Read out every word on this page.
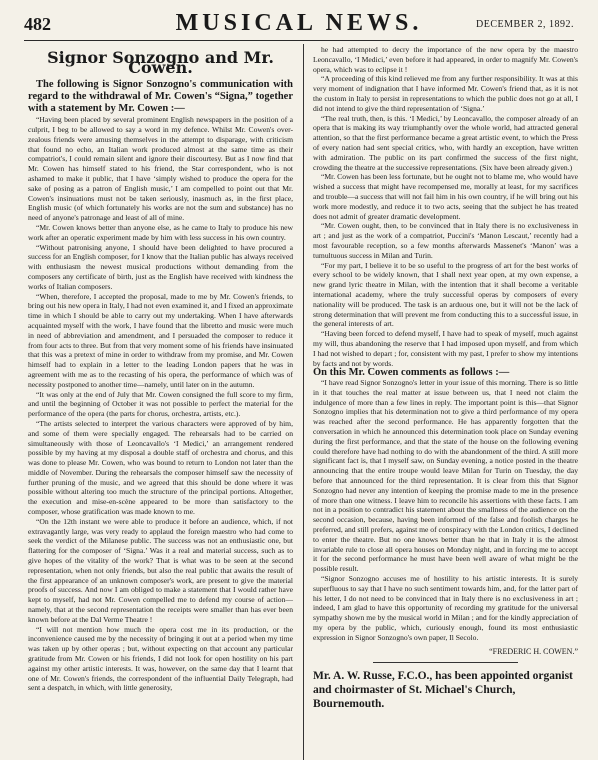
482	MUSICAL NEWS.	DECEMBER 2, 1892.
Signor Sonzogno and Mr. Cowen.

The following is Signor Sonzogno's communication with regard to the withdrawal of Mr. Cowen's “Signa,” together with a statement by Mr. Cowen :—

“Having been placed by several prominent English newspapers in the position of a culprit, I beg to be allowed to say a word in my defence. Whilst Mr. Cowen's over-zealous friends were amusing themselves in the attempt to disparage, with criticism that found no echo, an Italian work produced almost at the same time as their compatriot's, I could remain silent and ignore their discourtesy. But as I now find that Mr. Cowen has himself stated to his friend, the Star correspondent, who is not ashamed to make it public, that I have ‘simply wished to produce the opera for the sake of posing as a patron of English music,’ I am compelled to point out that Mr. Cowen's insinuations must not be taken seriously, inasmuch as, in the first place, English music (of which fortunately his works are not the sum and substance) has no need of anyone's patronage and least of all of mine.

“Mr. Cowen knows better than anyone else, as he came to Italy to produce his new work after an operatic experiment made by him with less success in his own country.

“Without patronising anyone, I should have been delighted to have procured a success for an English composer, for I know that the Italian public has always received with enthusiasm the newest musical productions without demanding from the composers any certificate of birth, just as the English have received with kindness the works of Italian composers.

“When, therefore, I accepted the proposal, made to me by Mr. Cowen's friends, to bring out his new opera in Italy, I had not even examined it, and I fixed an approximate time in which I should be able to carry out my undertaking. When I have afterwards acquainted myself with the work, I have found that the libretto and music were much in need of abbreviation and amendment, and I persuaded the composer to reduce it from four acts to three. But from that very moment some of his friends have insinuated that this was a pretext of mine in order to withdraw from my promise, and Mr. Cowen himself had to explain in a letter to the leading London papers that he was in agreement with me as to the recasting of his opera, the performance of which was of necessity postponed to another time—namely, until later on in the autumn.

“It was only at the end of July that Mr. Cowen consigned the full score to my firm, and until the beginning of October it was not possible to perfect the material for the performance of the opera (the parts for chorus, orchestra, artists, etc.).

“The artists selected to interpret the various characters were approved of by him, and some of them were specially engaged. The rehearsals had to be carried on simultaneously with those of Leoncavallo's ‘I Medici,’ an arrangement rendered possible by my having at my disposal a double staff of orchestra and chorus, and this was done to please Mr. Cowen, who was bound to return to London not later than the middle of November. During the rehearsals the composer himself saw the necessity of further pruning of the music, and we agreed that this should be done where it was possible without altering too much the structure of the principal portions. Altogether, the execution and mise-en-scène appeared to be more than satisfactory to the composer, whose gratification was made known to me.

“On the 12th instant we were able to produce it before an audience, which, if not extravagantly large, was very ready to applaud the foreign maestro who had come to seek the verdict of the Milanese public. The success was not an enthusiastic one, but flattering for the composer of ‘Signa.’ Was it a real and material success, such as to give hopes of the vitality of the work? That is what was to be seen at the second representation, when not only friends, but also the real public that awaits the result of the first appearance of an unknown composer's work, are present to give the material proofs of success. And now I am obliged to make a statement that I would rather have kept to myself, had not Mr. Cowen compelled me to defend my course of action—namely, that at the second representation the receipts were smaller than has ever been known before at the Dal Verme Theatre !

“I will not mention how much the opera cost me in its production, or the inconvenience caused me by the necessity of bringing it out at a period when my time was taken up by other operas ; but, without expecting on that account any particular gratitude from Mr. Cowen or his friends, I did not look for open hostility on his part against my other artistic interests. It was, however, on the same day that I learnt that one of Mr. Cowen's friends, the correspondent of the influential Daily Telegraph, had sent a despatch, in which, with little generosity,

he had attempted to decry the importance of the new opera by the maestro Leoncavallo, ‘I Medici,’ even before it had appeared, in order to magnify Mr. Cowen's opera, which was to eclipse it !

“A proceeding of this kind relieved me from any further responsibility. It was at this very moment of indignation that I have informed Mr. Cowen's friend that, as it is not the custom in Italy to persist in representations to which the public does not go at all, I did not intend to give the third representation of ‘Signa.’

“The real truth, then, is this. ‘I Medici,’ by Leoncavallo, the composer already of an opera that is making its way triumphantly over the whole world, had attracted general attention, so that the first performance became a great artistic event, to which the Press of every nation had sent special critics, who, with hardly an exception, have written with admiration. The public on its part confirmed the success of the first night, crowding the theatre at the successive representations. (Six have been already given.)

“Mr. Cowen has been less fortunate, but he ought not to blame me, who would have wished a success that might have recompensed me, morally at least, for my sacrifices and trouble—a success that will not fail him in his own country, if he will bring out his work more modestly, and reduce it to two acts, seeing that the subject he has treated does not admit of greater dramatic development.

“Mr. Cowen ought, then, to be convinced that in Italy there is no exclusiveness in art ; and just as the work of a compatriot, Puccini's ‘Manon Lescaut,’ recently had a most favourable reception, so a few months afterwards Massenet's ‘Manon’ was a tumultuous success in Milan and Turin.

“For my part, I believe it to be so useful to the progress of art for the best works of every school to be widely known, that I shall next year open, at my own expense, a new grand lyric theatre in Milan, with the intention that it shall become a veritable international academy, where the truly successful operas by composers of every nationality will be produced. The task is an arduous one, but it will not be the lack of strong determination that will prevent me from conducting this to a successful issue, in the general interests of art.

“Having been forced to defend myself, I have had to speak of myself, much against my will, thus abandoning the reserve that I had imposed upon myself, and from which I had not wished to depart ; for, consistent with my past, I prefer to show my intentions by facts and not by words.

On this Mr. Cowen comments as follows :—

“I have read Signor Sonzogno's letter in your issue of this morning. There is so little in it that touches the real matter at issue between us, that I need not claim the indulgence of more than a few lines in reply. The important point is this—that Signor Sonzogno implies that his determination not to give a third performance of my opera was reached after the second performance. He has apparently forgotten that the conversation in which he announced this determination took place on Sunday evening during the first performance, and that the state of the house on the following evening could therefore have had nothing to do with the abandonment of the third. A still more significant fact is, that I myself saw, on Sunday evening, a notice posted in the theatre announcing that the entire troupe would leave Milan for Turin on Tuesday, the day before that announced for the third representation. It is clear from this that Signor Sonzogno had never any intention of keeping the promise made to me in the presence of more than one witness. I leave him to reconcile his assertions with these facts. I am not in a position to contradict his statement about the smallness of the audience on the second occasion, because, having been informed of the false and foolish charges he preferred, and still prefers, against me of conspiracy with the London critics, I declined to enter the theatre. But no one knows better than he that in Italy it is the almost invariable rule to close all opera houses on Monday night, and in forcing me to accept it for the second performance he must have been well aware of what might be the possible result.

“Signor Sonzogno accuses me of hostility to his artistic interests. It is surely superfluous to say that I have no such sentiment towards him, and, for the latter part of his letter, I do not need to be convinced that in Italy there is no exclusiveness in art ; indeed, I am glad to have this opportunity of recording my gratitude for the universal sympathy shown me by the musical world in Milan ; and for the kindly appreciation of my opera by the public, which, curiously enough, found its most enthusiastic expression in Signor Sonzogno's own paper, Il Secolo.

“FREDERIC H. COWEN.”
Mr. A. W. Russe, F.C.O., has been appointed organist and choirmaster of St. Michael's Church, Bournemouth.
